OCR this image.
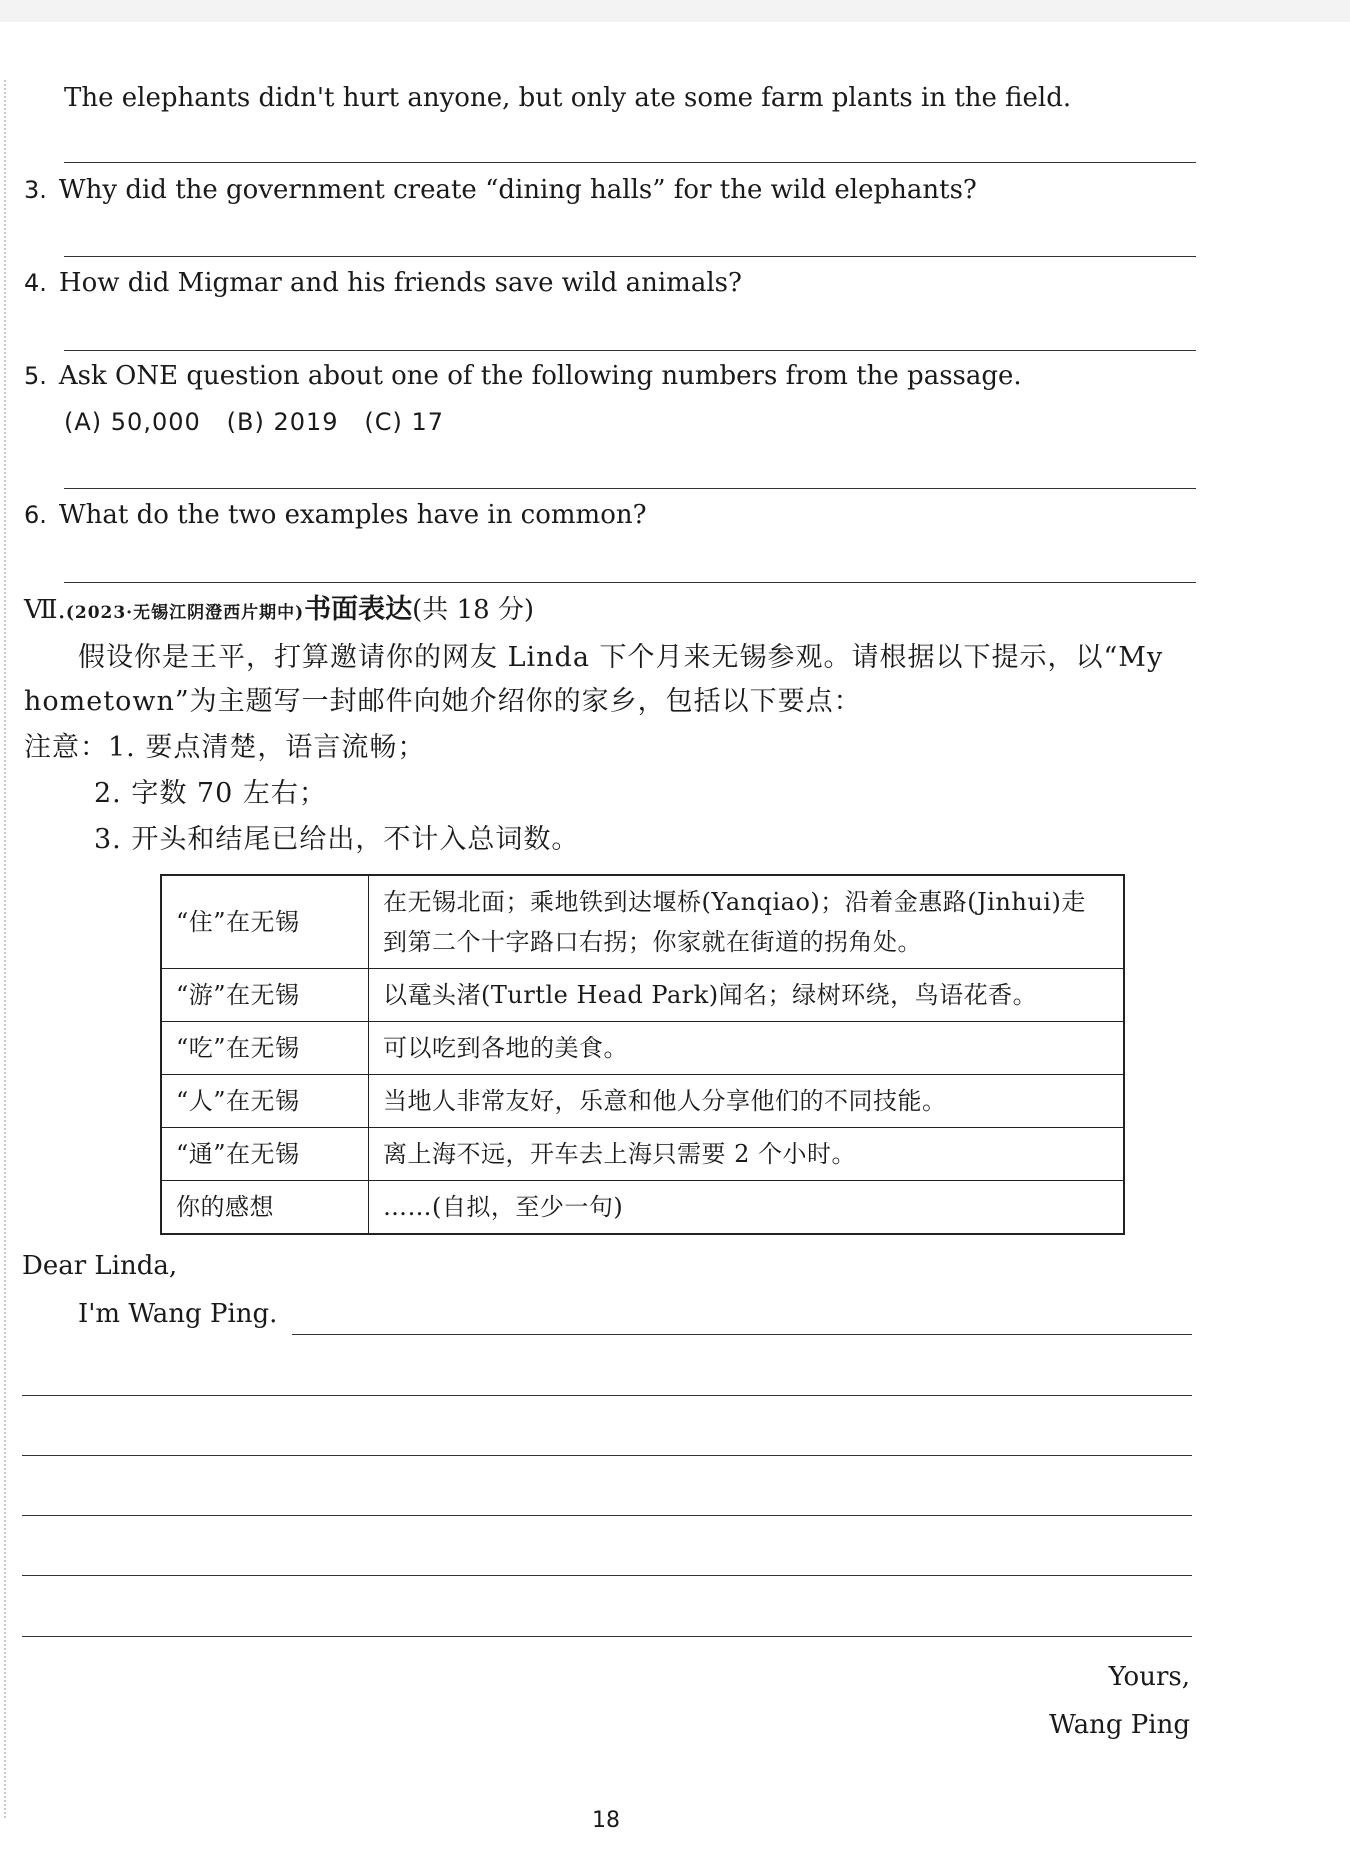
The elephants didn't hurt anyone, but only ate some farm plants in the field.
3. Why did the government create “dining halls” for the wild elephants?
4. How did Migmar and his friends save wild animals?
5. Ask ONE question about one of the following numbers from the passage.
(A) 50,000   (B) 2019   (C) 17
6. What do the two examples have in common?
Ⅶ.(2023·无锡江阴澄西片期中)书面表达(共 18 分)
假设你是王平，打算邀请你的网友 Linda 下个月来无锡参观。请根据以下提示，以“My
hometown”为主题写一封邮件向她介绍你的家乡，包括以下要点：
注意：1. 要点清楚，语言流畅；
2. 字数 70 左右；
3. 开头和结尾已给出，不计入总词数。
“住”在无锡	在无锡北面；乘地铁到达堰桥(Yanqiao)；沿着金惠路(Jinhui)走到第二个十字路口右拐；你家就在街道的拐角处。
“游”在无锡	以鼋头渚(Turtle Head Park)闻名；绿树环绕，鸟语花香。
“吃”在无锡	可以吃到各地的美食。
“人”在无锡	当地人非常友好，乐意和他人分享他们的不同技能。
“通”在无锡	离上海不远，开车去上海只需要 2 个小时。
你的感想	……(自拟，至少一句)
Dear Linda,
I'm Wang Ping.
Yours,
Wang Ping
18
